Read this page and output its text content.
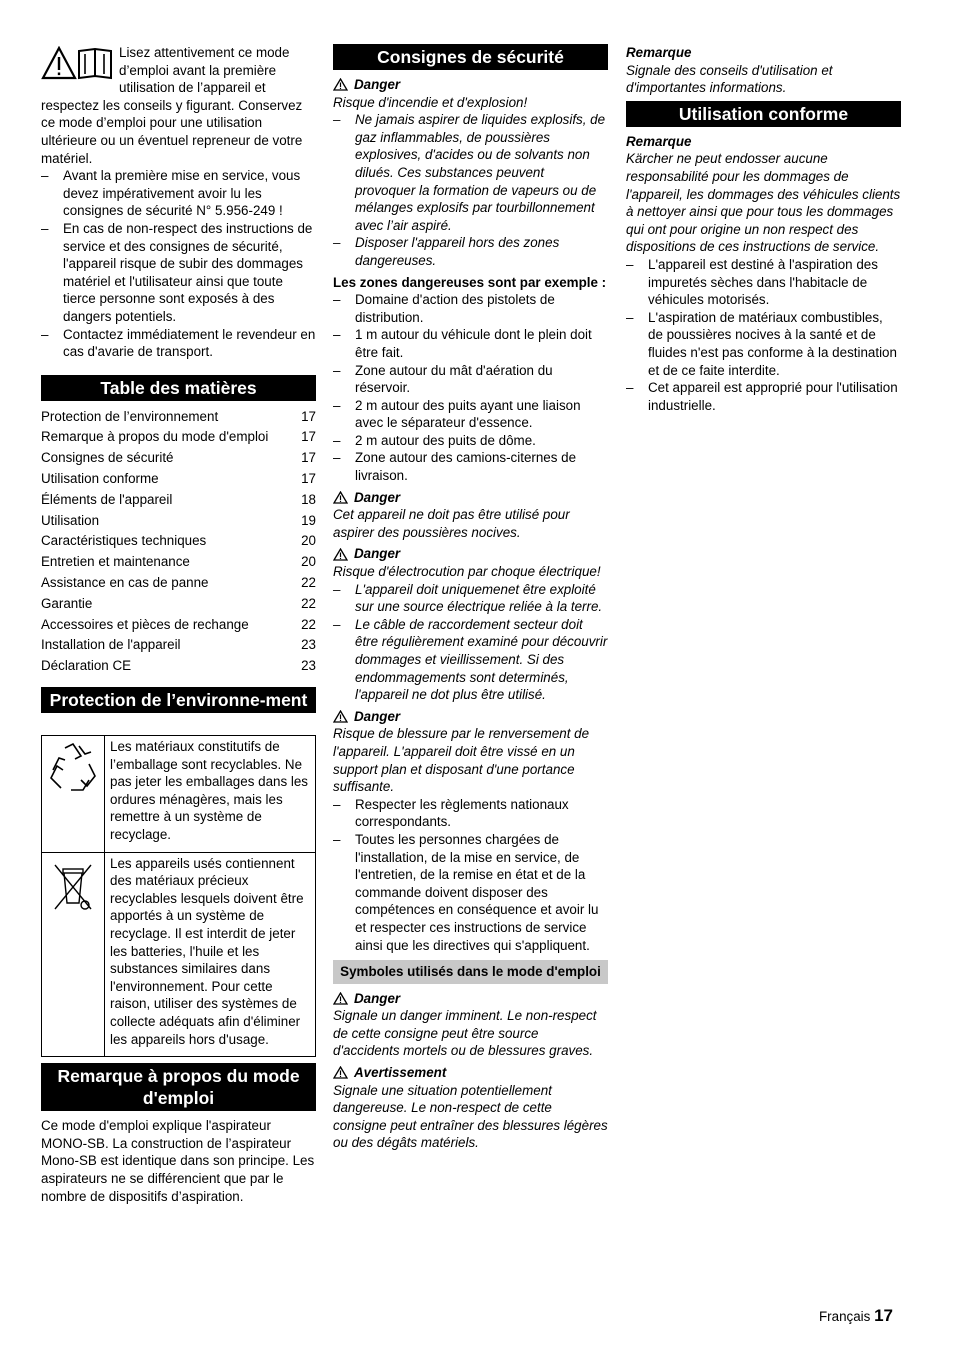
Lisez attentivement ce mode d’emploi avant la première utilisation de l’appareil et respectez les conseils y figurant. Conservez ce mode d’emploi pour une utilisation ultérieure ou un éventuel repreneur de votre matériel.

– Avant la première mise en service, vous devez impérativement avoir lu les consignes de sécurité N° 5.956-249 !
– En cas de non-respect des instructions de service et des consignes de sécurité, l'appareil risque de subir des dommages matériel et l'utilisateur ainsi que toute tierce personne sont exposés à des dangers potentiels.
– Contactez immédiatement le revendeur en cas d'avarie de transport.
Table des matières
Protection de l’environnement	17
Remarque à propos du mode d'emploi 17
Consignes de sécurité	17
Utilisation conforme	17
Éléments de l'appareil	18
Utilisation	19
Caractéristiques techniques	20
Entretien et maintenance	20
Assistance en cas de panne	22
Garantie	22
Accessoires et pièces de rechange	22
Installation de l'appareil	23
Déclaration CE	23
Protection de l’environne-ment
	Les matériaux constitutifs de l’emballage sont recyclables. Ne pas jeter les emballages dans les ordures ménagères, mais les remettre à un système de recyclage.
	Les appareils usés contiennent des matériaux précieux recyclables lesquels doivent être apportés à un système de recyclage. Il est interdit de jeter les batteries, l'huile et les substances similaires dans l'environnement. Pour cette raison, utiliser des systèmes de collecte adéquats afin d'éliminer les appareils hors d'usage.
Remarque à propos du mode d'emploi

Ce mode d'emploi explique l'aspirateur MONO-SB. La construction de l’aspirateur Mono-SB est identique dans son principe. Les aspirateurs ne se différencient que par le nombre de dispositifs d’aspiration.

Consignes de sécurité
Danger

Risque d'incendie et d'explosion!

– Ne jamais aspirer de liquides explosifs, de gaz inflammables, de poussières explosives, d'acides ou de solvants non dilués. Ces substances peuvent provoquer la formation de vapeurs ou de mélanges explosifs par tourbillonnement avec l’air aspiré.
– Disposer l'appareil hors des zones dangereuses.

Les zones dangereuses sont par exemple :

– Domaine d'action des pistolets de distribution.
– 1 m autour du véhicule dont le plein doit être fait.
– Zone autour du mât d'aération du réservoir.
– 2 m autour des puits ayant une liaison avec le séparateur d'essence.
– 2 m autour des puits de dôme.
– Zone autour des camions-citernes de livraison.
Danger

Cet appareil ne doit pas être utilisé pour aspirer des poussières nocives.

Danger

Risque d'électrocution par choque électrique!

– L'appareil doit uniquemenet être exploité sur une source électrique reliée à la terre.
– Le câble de raccordement secteur doit être régulièrement examiné pour découvrir dommages et vieillissement. Si des endommagements sont determinés, l'appareil ne dot plus être utilisé.
Danger

Risque de blessure par le renversement de l'appareil. L'appareil doit être vissé en un support plan et disposant d'une portance suffisante.

– Respecter les règlements nationaux correspondants.
– Toutes les personnes chargées de l'installation, de la mise en service, de l'entretien, de la remise en état et de la commande doivent disposer des compétences en conséquence et avoir lu et respecter ces instructions de service ainsi que les directives qui s'appliquent.
Symboles utilisés dans le mode d'emploi
Danger

Signale un danger imminent. Le non-respect de cette consigne peut être source d'accidents mortels ou de blessures graves.

Avertissement

Signale une situation potentiellement dangereuse. Le non-respect de cette consigne peut entraîner des blessures légères ou des dégâts matériels.

Remarque

Signale des conseils d'utilisation et d'importantes informations.

Utilisation conforme

Remarque

Kärcher ne peut endosser aucune responsabilité pour les dommages de l'appareil, les dommages des véhicules clients à nettoyer ainsi que pour tous les dommages qui ont pour origine un non respect des dispositions de ces instructions de service.

– L'appareil est destiné à l'aspiration des impuretés sèches dans l'habitacle de véhicules motorisés.
– L'aspiration de matériaux combustibles, de poussières nocives à la santé et de fluides n'est pas conforme à la destination et de ce faite interdite.
– Cet appareil est approprié pour l'utilisation industrielle.
Français 17
